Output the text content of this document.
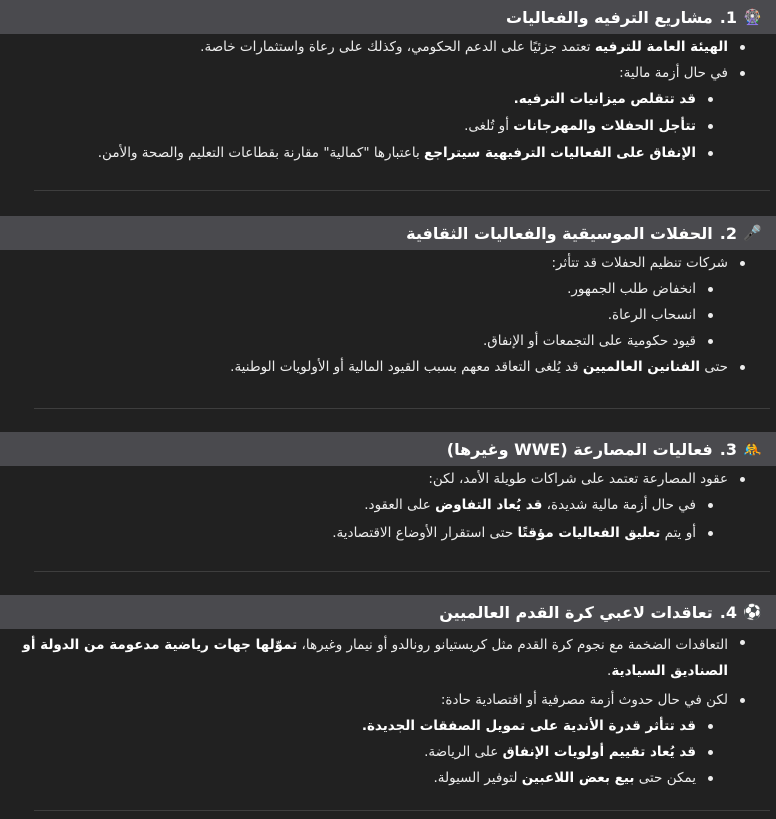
🎡
1.
مشاريع الترفيه والفعاليات
الهيئة العامة للترفيه تعتمد جزئيًا على الدعم الحكومي، وكذلك على رعاة واستثمارات خاصة.
في حال أزمة مالية:
قد تتقلص ميزانيات الترفيه.
تتأجل الحفلات والمهرجانات أو تُلغى.
الإنفاق على الفعاليات الترفيهية سيتراجع باعتبارها "كمالية" مقارنة بقطاعات التعليم والصحة والأمن.
🎤
2.
الحفلات الموسيقية والفعاليات الثقافية
شركات تنظيم الحفلات قد تتأثر:
انخفاض طلب الجمهور.
انسحاب الرعاة.
قيود حكومية على التجمعات أو الإنفاق.
حتى الفنانين العالميين قد يُلغى التعاقد معهم بسبب القيود المالية أو الأولويات الوطنية.
🤼
3.
فعاليات المصارعة (WWE وغيرها)
عقود المصارعة تعتمد على شراكات طويلة الأمد، لكن:
في حال أزمة مالية شديدة، قد يُعاد التفاوض على العقود.
أو يتم تعليق الفعاليات مؤقتًا حتى استقرار الأوضاع الاقتصادية.
⚽
4.
تعاقدات لاعبي كرة القدم العالميين
التعاقدات الضخمة مع نجوم كرة القدم مثل كريستيانو رونالدو أو نيمار وغيرها، تموّلها جهات رياضية مدعومة من الدولة أو الصناديق السيادية.
لكن في حال حدوث أزمة مصرفية أو اقتصادية حادة:
قد تتأثر قدرة الأندية على تمويل الصفقات الجديدة.
قد يُعاد تقييم أولويات الإنفاق على الرياضة.
يمكن حتى بيع بعض اللاعبين لتوفير السيولة.
